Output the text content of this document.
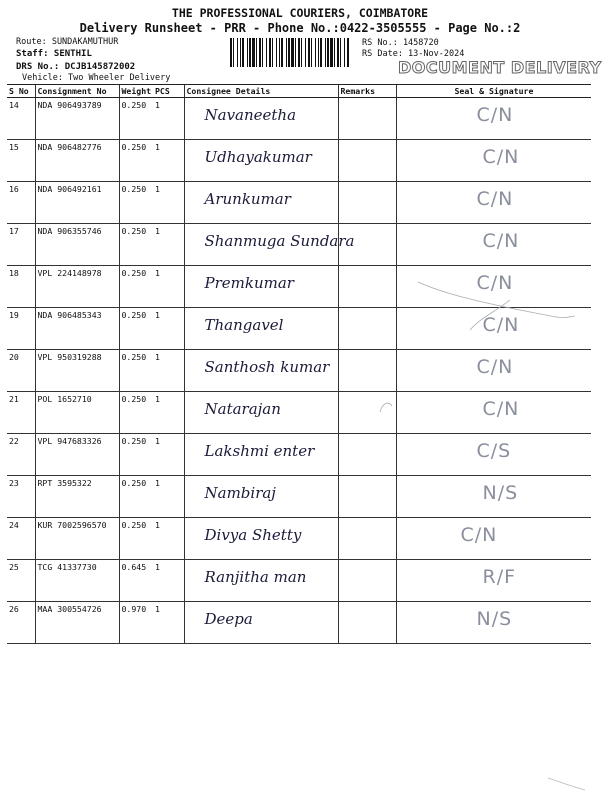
THE PROFESSIONAL COURIERS, COIMBATORE
Delivery Runsheet - PRR - Phone No.:0422-3505555 - Page No.:2
Route: SUNDAKAMUTHUR
Staff: SENTHIL
DRS No.: DCJB145872002
Vehicle: Two Wheeler Delivery
RS No.: 1458720
RS Date: 13-Nov-2024
DOCUMENT DELIVERY
S No	Consignment No	Weight	PCS	Consignee Details	Remarks	Seal & Signature
14	NDA 906493789	0.250	1	Navaneetha		C/N
15	NDA 906482776	0.250	1	Udhayakumar		C/N
16	NDA 906492161	0.250	1	Arunkumar		C/N
17	NDA 906355746	0.250	1	Shanmuga Sundara		C/N
18	VPL 224148978	0.250	1	Premkumar		C/N
19	NDA 906485343	0.250	1	Thangavel		C/N
20	VPL 950319288	0.250	1	Santhosh kumar		C/N
21	POL 1652710	0.250	1	Natarajan		C/N
22	VPL 947683326	0.250	1	Lakshmi enter		C/S
23	RPT 3595322	0.250	1	Nambiraj		N/S
24	KUR 7002596570	0.250	1	Divya Shetty		C/N
25	TCG 41337730	0.645	1	Ranjitha man		R/F
26	MAA 300554726	0.970	1	Deepa		N/S
